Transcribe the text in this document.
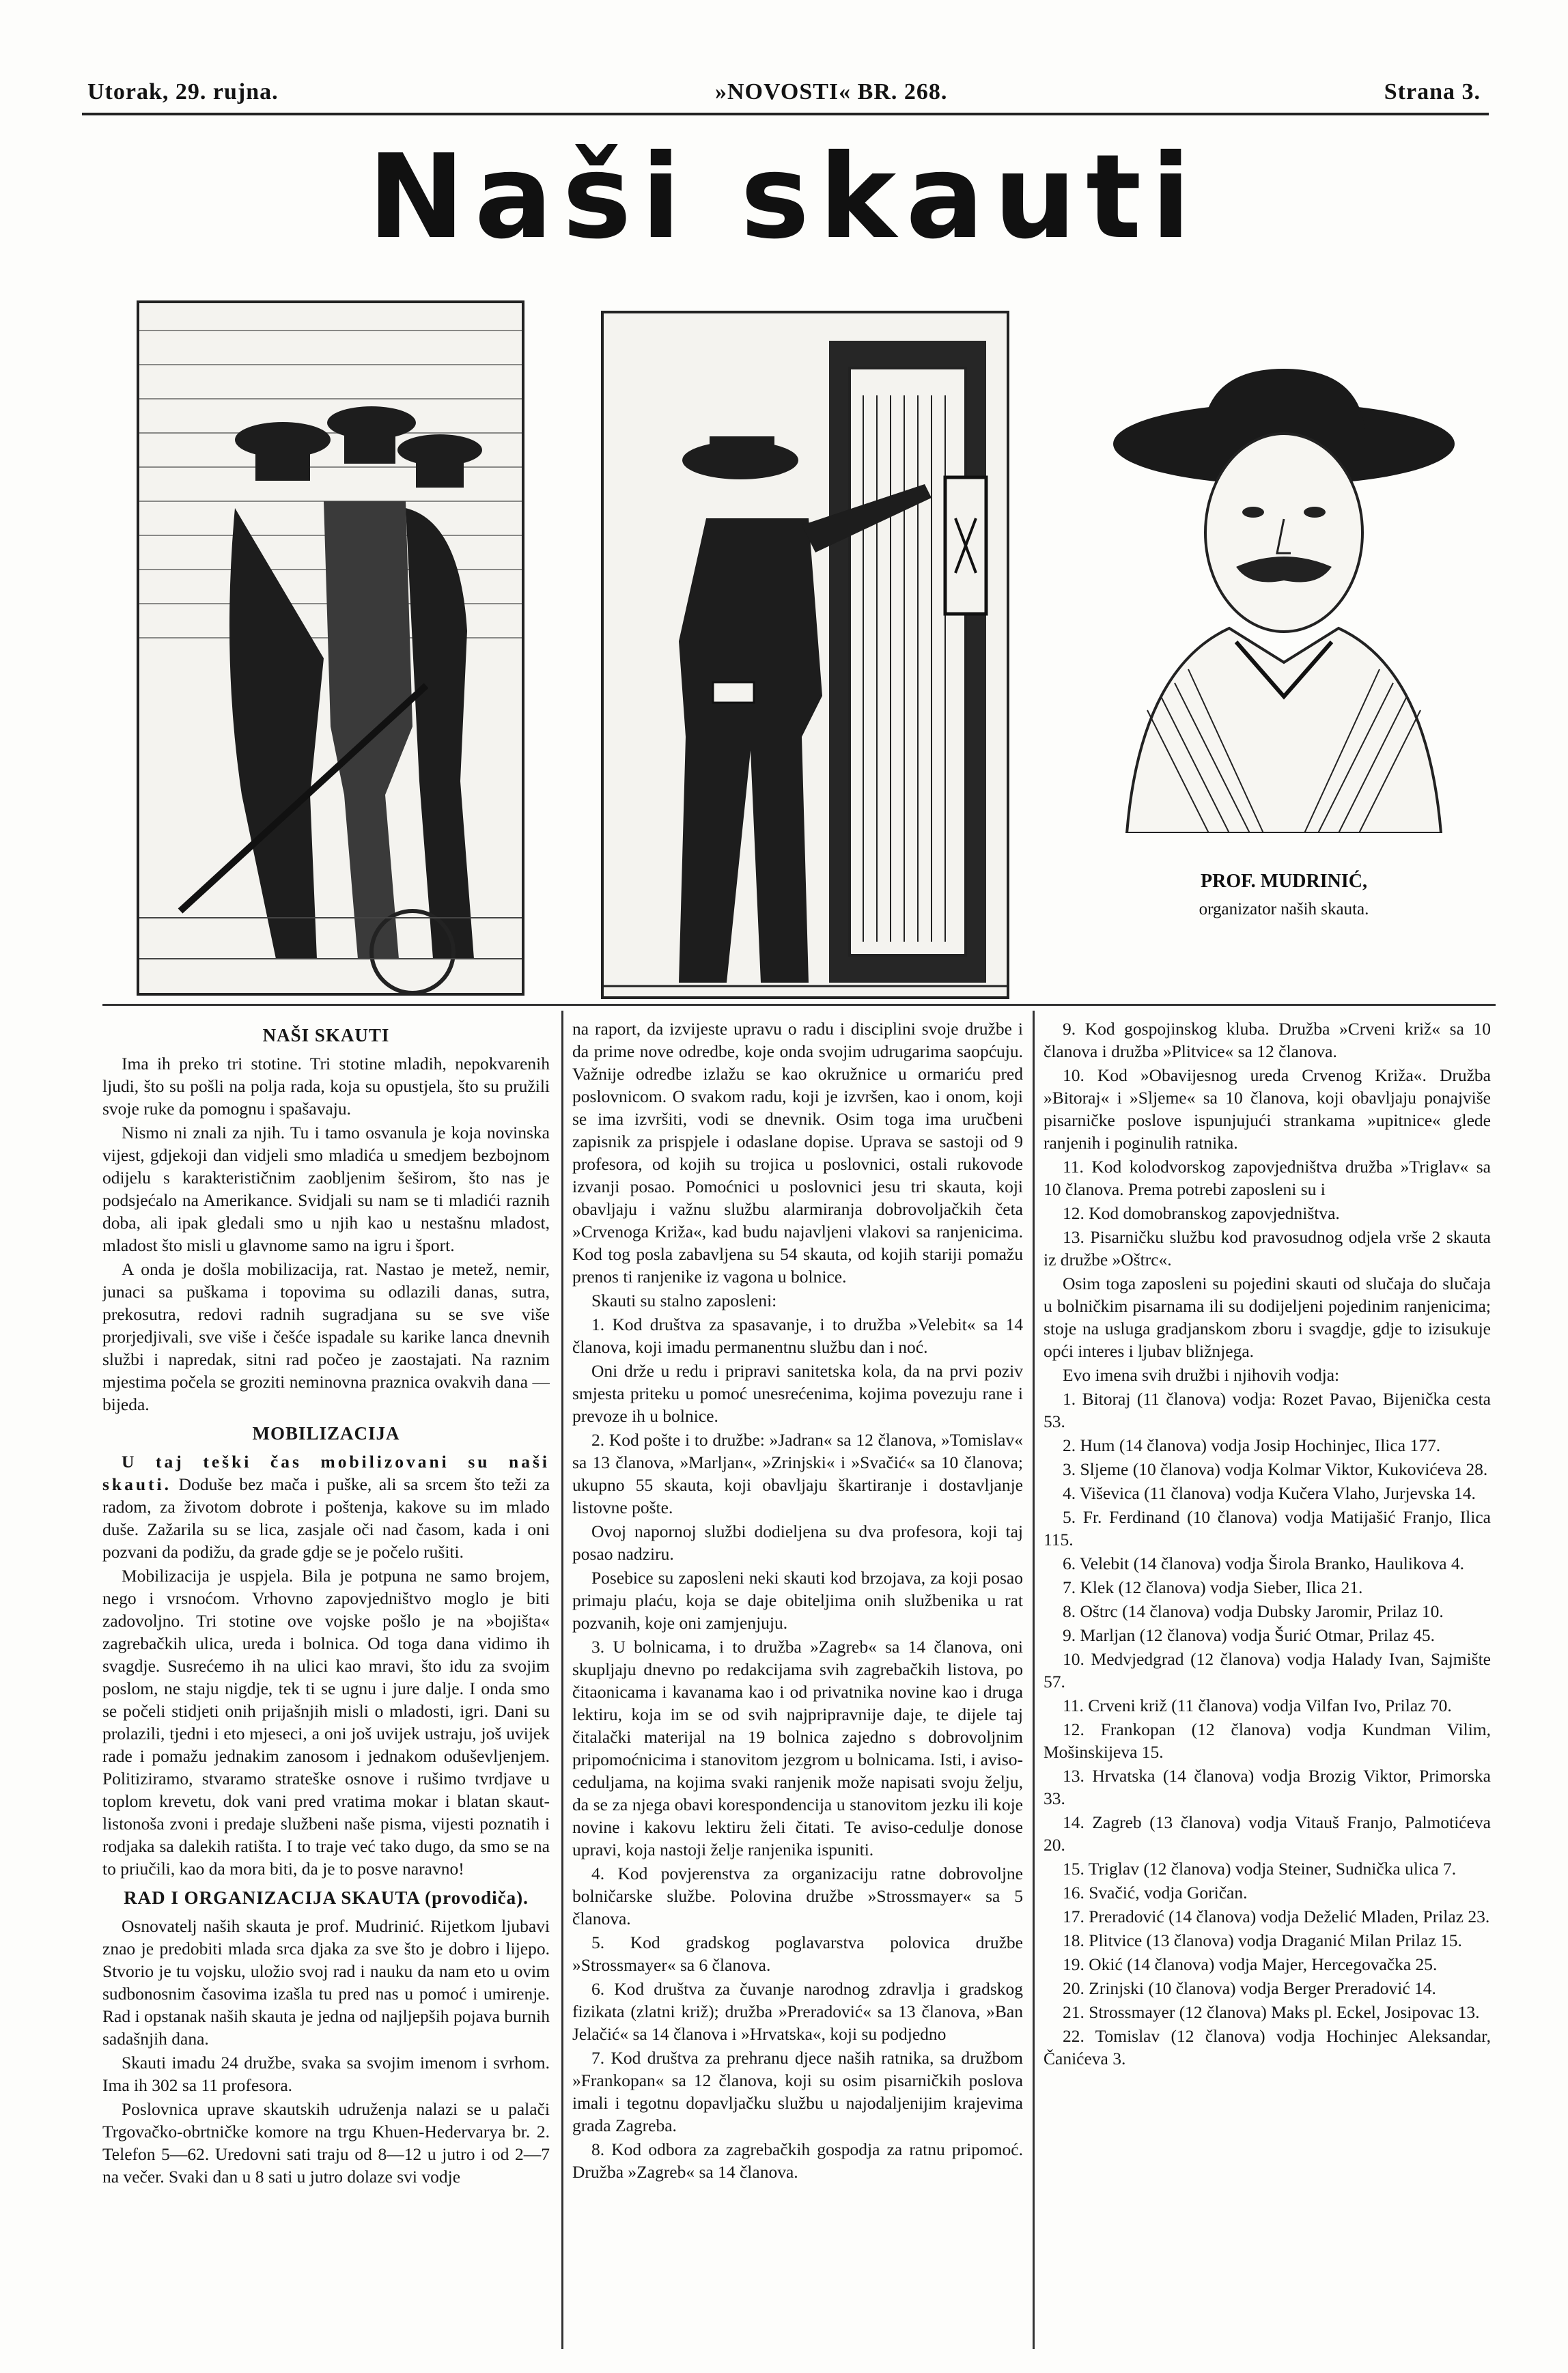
Utorak, 29. rujna.	»NOVOSTI« BR. 268.	Strana 3.
Naši skauti
PROF. MUDRINIĆ,
organizator naših skauta.
NAŠI SKAUTI

Ima ih preko tri stotine. Tri stotine mladih, nepokvarenih ljudi, što su pošli na polja rada, koja su opustjela, što su pružili svoje ruke da pomognu i spašavaju.

Nismo ni znali za njih. Tu i tamo osvanula je koja novinska vijest, gdjekoji dan vidjeli smo mladića u smedjem bezbojnom odijelu s karakterističnim zaobljenim šeširom, što nas je podsjećalo na Amerikance. Svidjali su nam se ti mladići raznih doba, ali ipak gledali smo u njih kao u nestašnu mladost, mladost što misli u glavnome samo na igru i šport.

A onda je došla mobilizacija, rat. Nastao je metež, nemir, junaci sa puškama i topovima su odlazili danas, sutra, prekosutra, redovi radnih sugradjana su se sve više prorjedjivali, sve više i češće ispadale su karike lanca dnevnih službi i napredak, sitni rad počeo je zaostajati. Na raznim mjestima počela se groziti neminovna praznica ovakvih dana — bijeda.

MOBILIZACIJA

U taj teški čas mobilizovani su naši skauti. Doduše bez mača i puške, ali sa srcem što teži za radom, za životom dobrote i poštenja, kakove su im mlado duše. Zažarila su se lica, zasjale oči nad časom, kada i oni pozvani da podižu, da grade gdje se je počelo rušiti.

Mobilizacija je uspjela. Bila je potpuna ne samo brojem, nego i vrsnoćom. Vrhovno zapovjedništvo moglo je biti zadovoljno. Tri stotine ove vojske pošlo je na »bojišta« zagrebačkih ulica, ureda i bolnica. Od toga dana vidimo ih svagdje. Susrećemo ih na ulici kao mravi, što idu za svojim poslom, ne staju nigdje, tek ti se ugnu i jure dalje. I onda smo se počeli stidjeti onih prijašnjih misli o mladosti, igri. Dani su prolazili, tjedni i eto mjeseci, a oni još uvijek ustraju, još uvijek rade i pomažu jednakim zanosom i jednakom oduševljenjem. Politiziramo, stvaramo strateške osnove i rušimo tvrdjave u toplom krevetu, dok vani pred vratima mokar i blatan skaut-listonoša zvoni i predaje službeni naše pisma, vijesti poznatih i rodjaka sa dalekih ratišta. I to traje već tako dugo, da smo se na to priučili, kao da mora biti, da je to posve naravno!

RAD I ORGANIZACIJA SKAUTA (provodiča).

Osnovatelj naših skauta je prof. Mudrinić. Rijetkom ljubavi znao je predobiti mlada srca djaka za sve što je dobro i lijepo. Stvorio je tu vojsku, uložio svoj rad i nauku da nam eto u ovim sudbonosnim časovima izašla tu pred nas u pomoć i umirenje. Rad i opstanak naših skauta je jedna od najljepših pojava burnih sadašnjih dana.

Skauti imadu 24 družbe, svaka sa svojim imenom i svrhom. Ima ih 302 sa 11 profesora.

Poslovnica uprave skautskih udruženja nalazi se u palači Trgovačko-obrtničke komore na trgu Khuen-Hedervarya br. 2. Telefon 5—62. Uredovni sati traju od 8—12 u jutro i od 2—7 na večer. Svaki dan u 8 sati u jutro dolaze svi vodje

na raport, da izvijeste upravu o radu i disciplini svoje družbe i da prime nove odredbe, koje onda svojim udrugarima saopćuju. Važnije odredbe izlažu se kao okružnice u ormariću pred poslovnicom. O svakom radu, koji je izvršen, kao i onom, koji se ima izvršiti, vodi se dnevnik. Osim toga ima uručbeni zapisnik za prispjele i odaslane dopise. Uprava se sastoji od 9 profesora, od kojih su trojica u poslovnici, ostali rukovode izvanji posao. Pomoćnici u poslovnici jesu tri skauta, koji obavljaju i važnu službu alarmiranja dobrovoljačkih četa »Crvenoga Križa«, kad budu najavljeni vlakovi sa ranjenicima. Kod tog posla zabavljena su 54 skauta, od kojih stariji pomažu prenos ti ranjenike iz vagona u bolnice.

Skauti su stalno zaposleni:

1. Kod društva za spasavanje, i to družba »Velebit« sa 14 članova, koji imadu permanentnu službu dan i noć.

Oni drže u redu i pripravi sanitetska kola, da na prvi poziv smjesta priteku u pomoć unesrećenima, kojima povezuju rane i prevoze ih u bolnice.

2. Kod pošte i to družbe: »Jadran« sa 12 članova, »Tomislav« sa 13 članova, »Marljan«, »Zrinjski« i »Svačić« sa 10 članova; ukupno 55 skauta, koji obavljaju škartiranje i dostavljanje listovne pošte.

Ovoj napornoj službi dodieljena su dva profesora, koji taj posao nadziru.

Posebice su zaposleni neki skauti kod brzojava, za koji posao primaju plaću, koja se daje obiteljima onih službenika u rat pozvanih, koje oni zamjenjuju.

3. U bolnicama, i to družba »Zagreb« sa 14 članova, oni skupljaju dnevno po redakcijama svih zagrebačkih listova, po čitaonicama i kavanama kao i od privatnika novine kao i druga lektiru, koja im se od svih najpripravnije daje, te dijele taj čitalački materijal na 19 bolnica zajedno s dobrovoljnim pripomoćnicima i stanovitom jezgrom u bolnicama. Isti, i aviso-ceduljama, na kojima svaki ranjenik može napisati svoju želju, da se za njega obavi korespondencija u stanovitom jezku ili koje novine i kakovu lektiru želi čitati. Te aviso-cedulje donose upravi, koja nastoji želje ranjenika ispuniti.

4. Kod povjerenstva za organizaciju ratne dobrovoljne bolničarske službe. Polovina družbe »Strossmayer« sa 5 članova.

5. Kod gradskog poglavarstva polovica družbe »Strossmayer« sa 6 članova.

6. Kod društva za čuvanje narodnog zdravlja i gradskog fizikata (zlatni križ); družba »Preradović« sa 13 članova, »Ban Jelačić« sa 14 članova i »Hrvatska«, koji su podjedno

7. Kod društva za prehranu djece naših ratnika, sa družbom »Frankopan« sa 12 članova, koji su osim pisarničkih poslova imali i tegotnu dopavljačku službu u najodaljenijim krajevima grada Zagreba.

8. Kod odbora za zagrebačkih gospodja za ratnu pripomoć. Družba »Zagreb« sa 14 članova.

9. Kod gospojinskog kluba. Družba »Crveni križ« sa 10 članova i družba »Plitvice« sa 12 članova.

10. Kod »Obavijesnog ureda Crvenog Križa«. Družba »Bitoraj« i »Sljeme« sa 10 članova, koji obavljaju ponajviše pisarničke poslove ispunjujući strankama »upitnice« glede ranjenih i poginulih ratnika.

11. Kod kolodvorskog zapovjedništva družba »Triglav« sa 10 članova. Prema potrebi zaposleni su i

12. Kod domobranskog zapovjedništva.

13. Pisarničku službu kod pravosudnog odjela vrše 2 skauta iz družbe »Oštrc«.

Osim toga zaposleni su pojedini skauti od slučaja do slučaja u bolničkim pisarnama ili su dodijeljeni pojedinim ranjenicima; stoje na usluga gradjanskom zboru i svagdje, gdje to izisukuje opći interes i ljubav bližnjega.

Evo imena svih družbi i njihovih vodja:

1. Bitoraj (11 članova) vodja: Rozet Pavao, Bijenička cesta 53.

2. Hum (14 članova) vodja Josip Hochinjec, Ilica 177.

3. Sljeme (10 članova) vodja Kolmar Viktor, Kukovićeva 28.

4. Viševica (11 članova) vodja Kučera Vlaho, Jurjevska 14.

5. Fr. Ferdinand (10 članova) vodja Matijašić Franjo, Ilica 115.

6. Velebit (14 članova) vodja Širola Branko, Haulikova 4.

7. Klek (12 članova) vodja Sieber, Ilica 21.

8. Oštrc (14 članova) vodja Dubsky Jaromir, Prilaz 10.

9. Marljan (12 članova) vodja Šurić Otmar, Prilaz 45.

10. Medvjedgrad (12 članova) vodja Halady Ivan, Sajmište 57.

11. Crveni križ (11 članova) vodja Vilfan Ivo, Prilaz 70.

12. Frankopan (12 članova) vodja Kundman Vilim, Mošinskijeva 15.

13. Hrvatska (14 članova) vodja Brozig Viktor, Primorska 33.

14. Zagreb (13 članova) vodja Vitauš Franjo, Palmotićeva 20.

15. Triglav (12 članova) vodja Steiner, Sudnička ulica 7.

16. Svačić, vodja Goričan.

17. Preradović (14 članova) vodja Deželić Mladen, Prilaz 23.

18. Plitvice (13 članova) vodja Draganić Milan Prilaz 15.

19. Okić (14 članova) vodja Majer, Hercegovačka 25.

20. Zrinjski (10 članova) vodja Berger Preradović 14.

21. Strossmayer (12 članova) Maks pl. Eckel, Josipovac 13.

22. Tomislav (12 članova) vodja Hochinjec Aleksandar, Čanićeva 3.
